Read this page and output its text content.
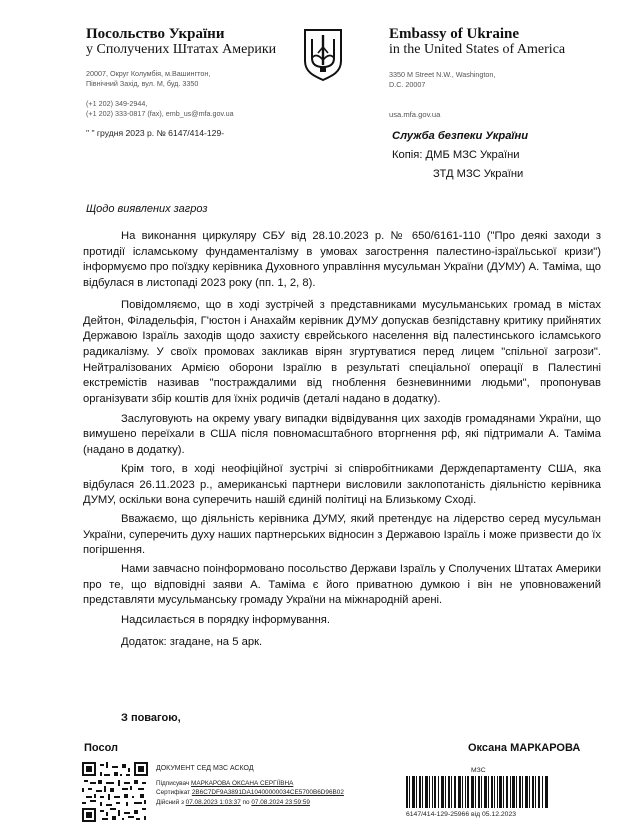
Посольство України
у Сполучених Штатах Америки
20007, Округ Колумбія, м.Вашингтон,
Північний Захід, вул. М, буд. 3350
(+1 202) 349-2944,
(+1 202) 333-0817 (fax), emb_us@mfa.gov.ua
" " грудня 2023 р. № 6147/414-129-
Embassy of Ukraine
in the United States of America
3350 M Street N.W., Washington,
D.C. 20007
usa.mfa.gov.ua
Служба безпеки України
Копія: ДМБ МЗС України
ЗТД МЗС України
Щодо виявлених загроз

На виконання циркуляру СБУ від 28.10.2023 р. № 650/6161-110 ("Про деякі заходи з протидії ісламському фундаменталізму в умовах загострення палестино-ізраїльської кризи") інформуємо про поїздку керівника Духовного управління мусульман України (ДУМУ) А. Таміма, що відбулася в листопаді 2023 року (пп. 1, 2, 8).

Повідомляємо, що в ході зустрічей з представниками мусульманських громад в містах Дейтон, Філадельфія, Г'юстон і Анахайм керівник ДУМУ допускав безпідставну критику прийнятих Державою Ізраїль заходів щодо захисту єврейського населення від палестинського ісламського радикалізму. У своїх промовах закликав вірян згуртуватися перед лицем "спільної загрози". Нейтралізованих Армією оборони Ізраїлю в результаті спеціальної операції в Палестині екстремістів називав "постраждалими від гноблення безневинними людьми", пропонував організувати збір коштів для їхніх родичів (деталі надано в додатку).

Заслуговують на окрему увагу випадки відвідування цих заходів громадянами України, що вимушено переїхали в США після повномасштабного вторгнення рф, які підтримали А. Таміма (надано в додатку).

Крім того, в ході неофіційної зустрічі зі співробітниками Держдепартаменту США, яка відбулася 26.11.2023 р., американські партнери висловили заклопотаність діяльністю керівника ДУМУ, оскільки вона суперечить нашій єдиній політиці на Близькому Сході.

Вважаємо, що діяльність керівника ДУМУ, який претендує на лідерство серед мусульман України, суперечить духу наших партнерських відносин з Державою Ізраїль і може призвести до їх погіршення.

Нами завчасно поінформовано посольство Держави Ізраїль у Сполучених Штатах Америки про те, що відповідні заяви А. Таміма є його приватною думкою і він не уповноважений представляти мусульманську громаду України на міжнародній арені.

Надсилається в порядку інформування.

Додаток: згадане, на 5 арк.

З повагою,
Посол	Оксана МАРКАРОВА
ДОКУМЕНТ СЕД МЗС АСКОД
Підписувач МАРКАРОВА ОКСАНА СЕРГІЇВНА
Сертифікат 2B6C7DF9A3891DA10400000034CE5700B6D96B02
Дійсний з 07.08.2023 1:03:37 по 07.08.2024 23:59:59
МЗС
6147/414-129-25966 від 05.12.2023
